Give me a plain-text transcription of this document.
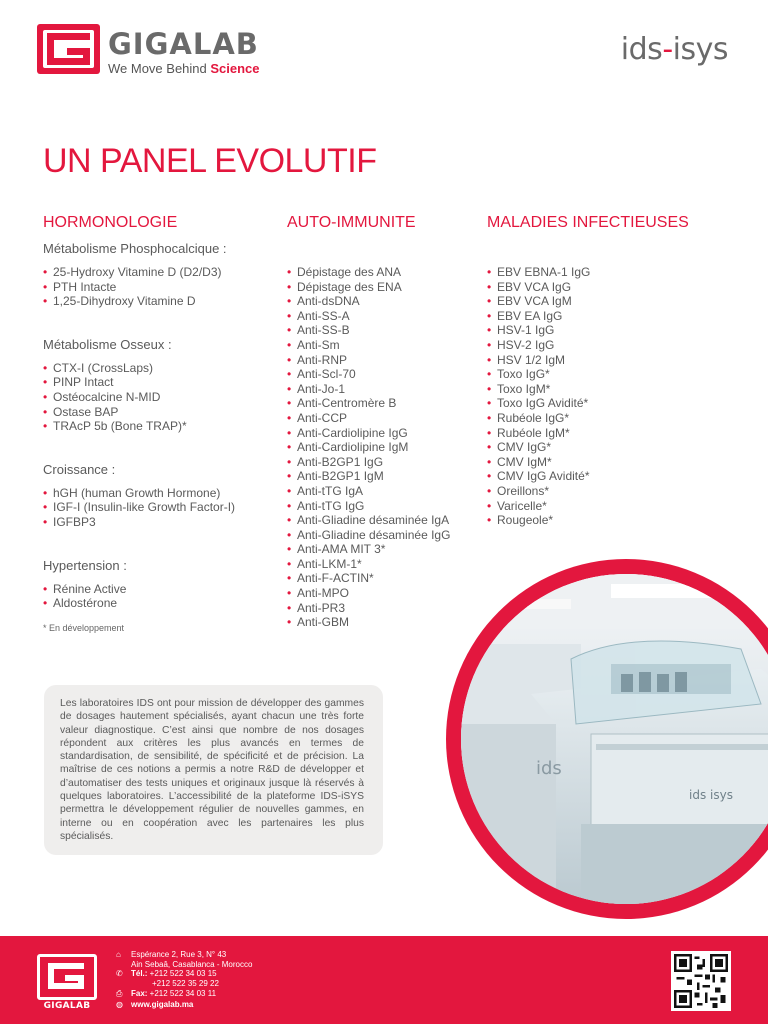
GIGALAB
We Move Behind Science
ids-isys
UN PANEL EVOLUTIF
HORMONOLOGIE
Métabolisme Phosphocalcique :
• 25-Hydroxy Vitamine D (D2/D3)
• PTH Intacte
• 1,25-Dihydroxy Vitamine D
Métabolisme Osseux :
• CTX-I (CrossLaps)
• PINP Intact
• Ostéocalcine N-MID
• Ostase BAP
• TRAcP 5b (Bone TRAP)*
Croissance :
• hGH (human Growth Hormone)
• IGF-I (Insulin-like Growth Factor-I)
• IGFBP3
Hypertension :
• Rénine Active
• Aldostérone
* En développement
AUTO-IMMUNITE
• Dépistage des ANA
• Dépistage des ENA
• Anti-dsDNA
• Anti-SS-A
• Anti-SS-B
• Anti-Sm
• Anti-RNP
• Anti-Scl-70
• Anti-Jo-1
• Anti-Centromère B
• Anti-CCP
• Anti-Cardiolipine IgG
• Anti-Cardiolipine IgM
• Anti-B2GP1 IgG
• Anti-B2GP1 IgM
• Anti-tTG IgA
• Anti-tTG IgG
• Anti-Gliadine désaminée IgA
• Anti-Gliadine désaminée IgG
• Anti-AMA MIT 3*
• Anti-LKM-1*
• Anti-F-ACTIN*
• Anti-MPO
• Anti-PR3
• Anti-GBM
MALADIES INFECTIEUSES
• EBV EBNA-1 IgG
• EBV VCA IgG
• EBV VCA IgM
• EBV EA IgG
• HSV-1 IgG
• HSV-2 IgG
• HSV 1/2 IgM
• Toxo IgG*
• Toxo IgM*
• Toxo IgG Avidité*
• Rubéole IgG*
• Rubéole IgM*
• CMV IgG*
• CMV IgM*
• CMV IgG Avidité*
• Oreillons*
• Varicelle*
• Rougeole*

Les laboratoires IDS ont pour mission de développer des gammes de dosages hautement spécialisés, ayant chacun une très forte valeur diagnostique. C’est ainsi que nombre de nos dosages répondent aux critères les plus avancés en termes de standardisation, de sensibilité, de spécificité et de précision. La maîtrise de ces notions a permis a notre R&D de développer et d’automatiser des tests uniques et originaux jusque là réservés à quelques laboratoires. L’accessibilité de la plateforme IDS-iSYS permettra le développement régulier de nouvelles gammes, en interne ou en coopération avec les partenaires les plus spécialisés.

ids
ids isys
GIGALAB
⌂ Espérance 2, Rue 3, N° 43
Ain Sebaâ, Casablanca - Morocco
✆ Tél.: +212 522 34 03 15
+212 522 35 29 22
⎙ Fax: +212 522 34 03 11
◍ www.gigalab.ma
